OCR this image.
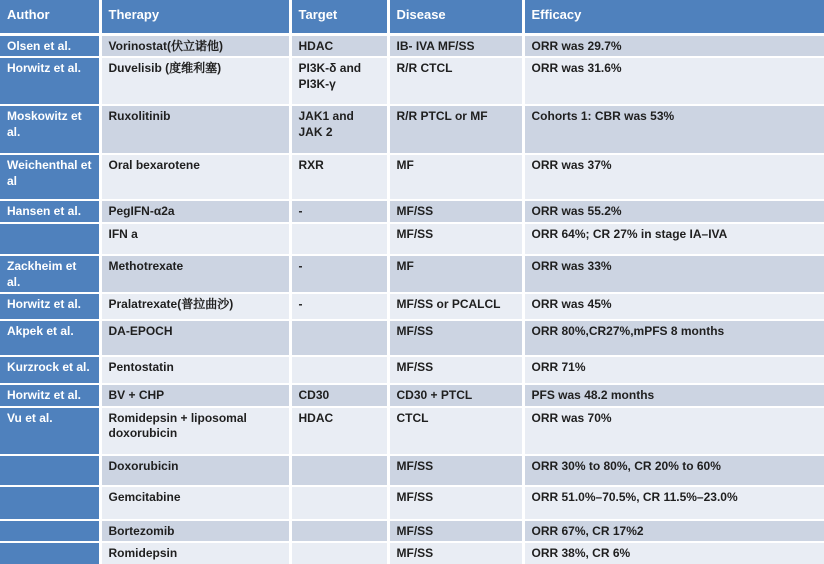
Author	Therapy	Target	Disease	Efficacy
Olsen et al.	Vorinostat(伏立诺他)	HDAC	IB- IVA MF/SS	ORR was 29.7%
Horwitz et al.	Duvelisib (度维利塞)	PI3K-δ and PI3K-γ	R/R CTCL	ORR was 31.6%
Moskowitz et al.	Ruxolitinib	JAK1 and JAK 2	R/R PTCL or MF	Cohorts 1: CBR was 53%
Weichenthal et al	Oral bexarotene	RXR	MF	ORR was 37%
Hansen et al.	PegIFN-α2a	-	MF/SS	ORR was 55.2%
	IFN a		MF/SS	ORR 64%; CR 27% in stage IA–IVA
Zackheim et al.	Methotrexate	-	MF	ORR was 33%
Horwitz et al.	Pralatrexate(普拉曲沙)	-	MF/SS or PCALCL	ORR was 45%
Akpek et al.	DA-EPOCH		MF/SS	ORR 80%,CR27%,mPFS 8 months
Kurzrock et al.	Pentostatin		MF/SS	ORR 71%
Horwitz et al.	BV + CHP	CD30	CD30 + PTCL	PFS was 48.2 months
Vu et al.	Romidepsin + liposomal doxorubicin	HDAC	CTCL	ORR was 70%
	Doxorubicin		MF/SS	ORR 30% to 80%, CR 20% to 60%
	Gemcitabine		MF/SS	ORR 51.0%–70.5%, CR 11.5%–23.0%
	Bortezomib		MF/SS	ORR 67%, CR 17%2
	Romidepsin		MF/SS	ORR 38%, CR 6%
